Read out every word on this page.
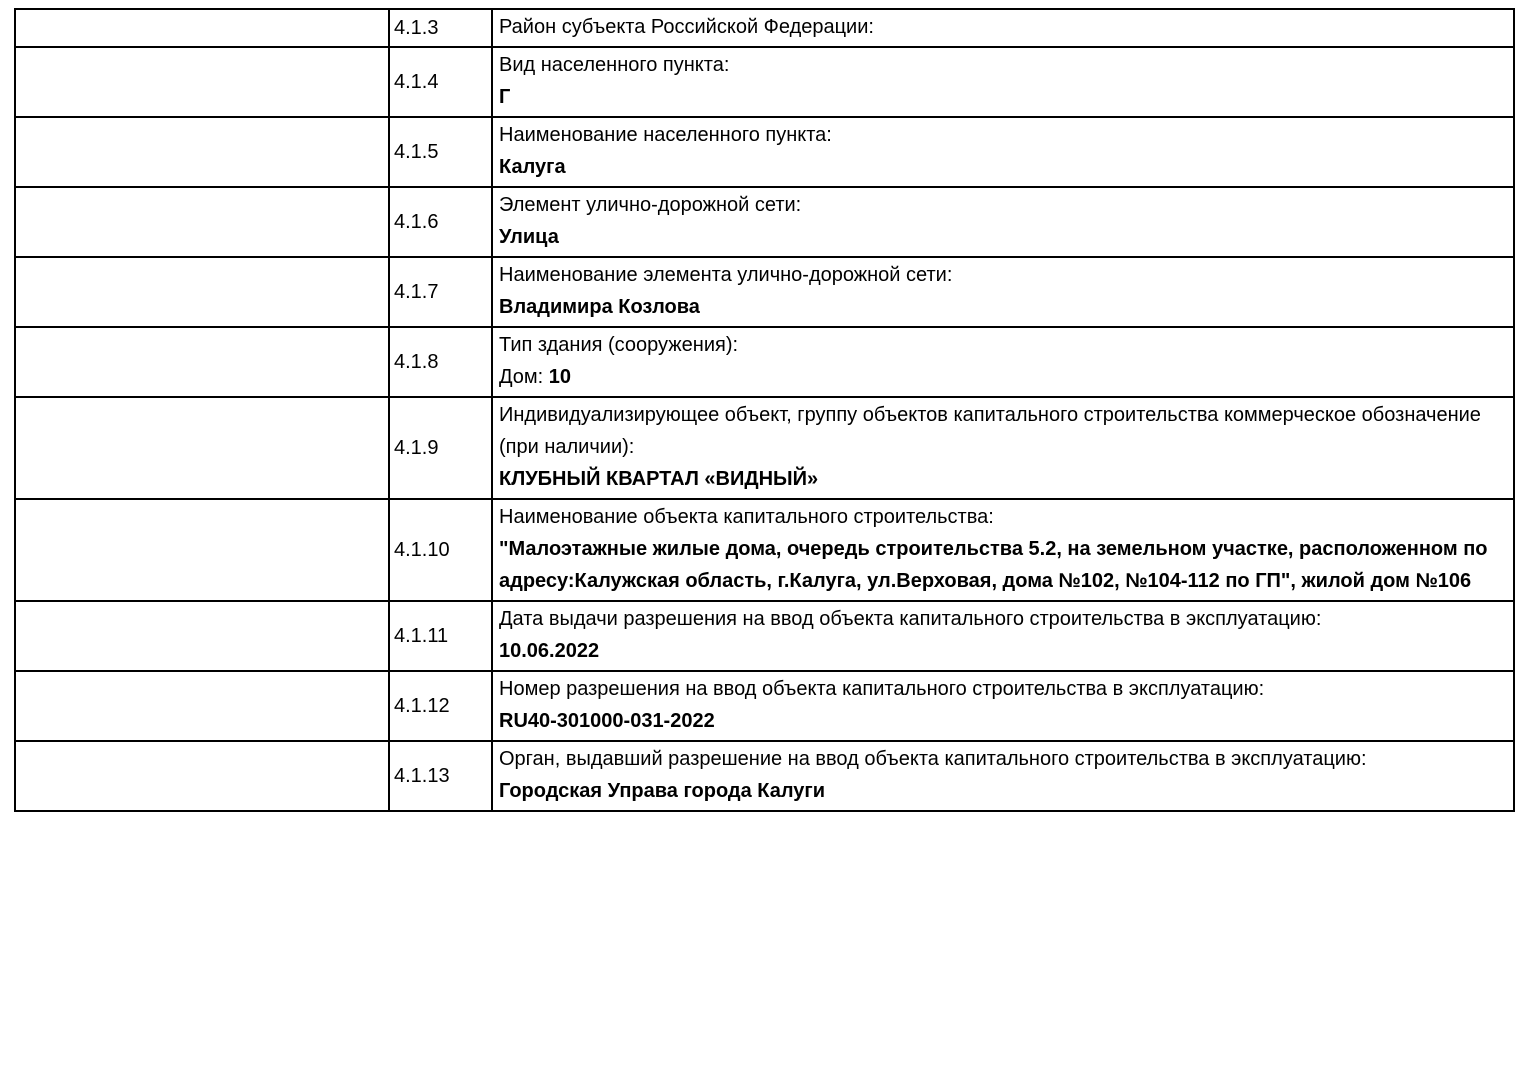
	4.1.3	Район субъекта Российской Федерации:

	4.1.4	Вид населенного пункта:
Г

	4.1.5	Наименование населенного пункта:
Калуга

	4.1.6	Элемент улично-дорожной сети:
Улица

	4.1.7	Наименование элемента улично-дорожной сети:
Владимира Козлова

	4.1.8	Тип здания (сооружения):
Дом: 10

	4.1.9	Индивидуализирующее объект, группу объектов капитального строительства коммерческое обозначение (при наличии):
КЛУБНЫЙ КВАРТАЛ «ВИДНЫЙ»

	4.1.10	Наименование объекта капитального строительства:
"Малоэтажные жилые дома, очередь строительства 5.2, на земельном участке, расположенном по адресу:Калужская область, г.Калуга, ул.Верховая, дома №102, №104-112 по ГП", жилой дом №106

	4.1.11	Дата выдачи разрешения на ввод объекта капитального строительства в эксплуатацию:
10.06.2022

	4.1.12	Номер разрешения на ввод объекта капитального строительства в эксплуатацию:
RU40-301000-031-2022

	4.1.13	Орган, выдавший разрешение на ввод объекта капитального строительства в эксплуатацию:
Городская Управа города Калуги
